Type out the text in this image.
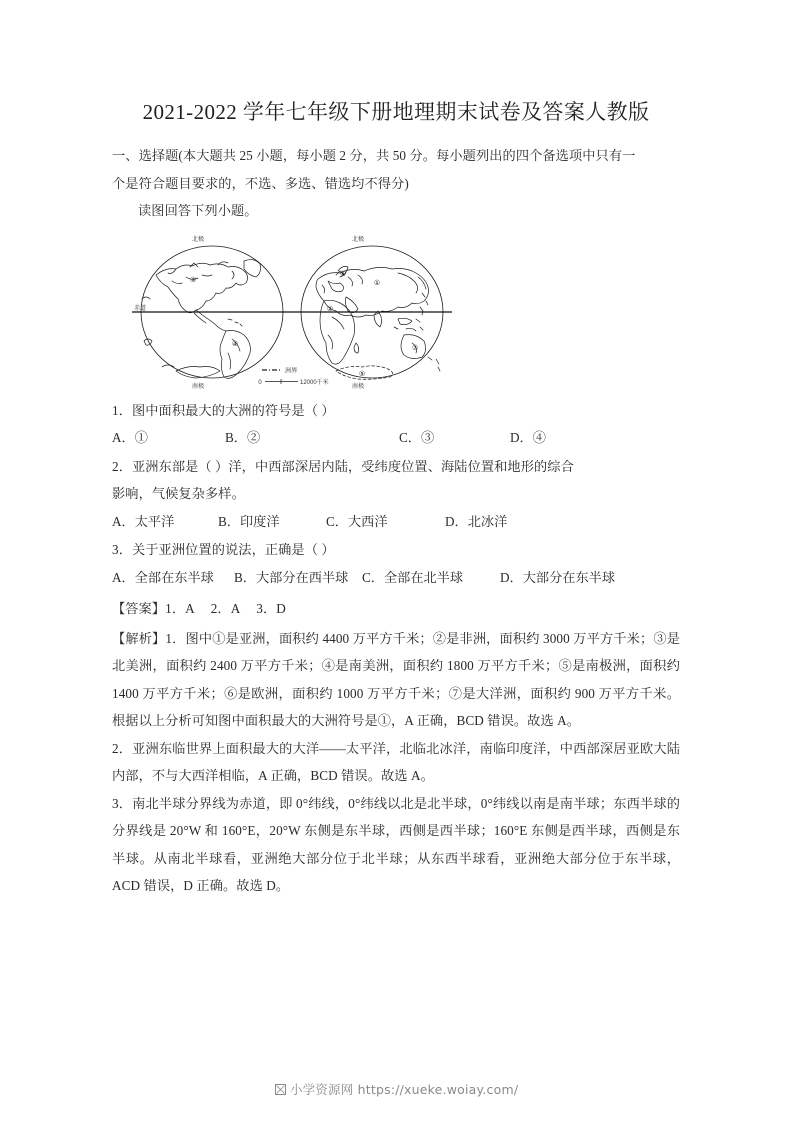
2021-2022 学年七年级下册地理期末试卷及答案人教版

一、选择题(本大题共 25 小题，每小题 2 分，共 50 分。每小题列出的四个备选项中只有一

个是符合题目要求的，不选、多选、错选均不得分)

读图回答下列小题。

北极	北极
南极	南极
赤道
洲界
0	12000千米
①
②
③
④
⑤
⑥
⑦

1．图中面积最大的大洲的符号是（ ）

A．①	B．②	C．③	D．④

2．亚洲东部是（ ）洋，中西部深居内陆，受纬度位置、海陆位置和地形的综合

影响，气候复杂多样。

A．太平洋	B．印度洋	C．大西洋	D．北冰洋

3．关于亚洲位置的说法，正确是（ ）

A．全部在东半球 B．大部分在西半球 C．全部在北半球	D．大部分在东半球

【答案】1．A　 2．A　 3．D

【解析】1．图中①是亚洲，面积约 4400 万平方千米；②是非洲，面积约 3000 万平方千米；③是北美洲，面积约 2400 万平方千米；④是南美洲，面积约 1800 万平方千米；⑤是南极洲，面积约 1400 万平方千米；⑥是欧洲，面积约 1000 万平方千米；⑦是大洋洲，面积约 900 万平方千米。根据以上分析可知图中面积最大的大洲符号是①，A 正确，BCD 错误。故选 A。

2．亚洲东临世界上面积最大的大洋——太平洋，北临北冰洋，南临印度洋，中西部深居亚欧大陆内部，不与大西洋相临，A 正确，BCD 错误。故选 A。

3．南北半球分界线为赤道，即 0°纬线，0°纬线以北是北半球，0°纬线以南是南半球；东西半球的分界线是 20°W 和 160°E，20°W 东侧是东半球，西侧是西半球；160°E 东侧是西半球，西侧是东半球。从南北半球看，亚洲绝大部分位于北半球；从东西半球看，亚洲绝大部分位于东半球，ACD 错误，D 正确。故选 D。

小学资源网 https://xueke.woiay.com/
